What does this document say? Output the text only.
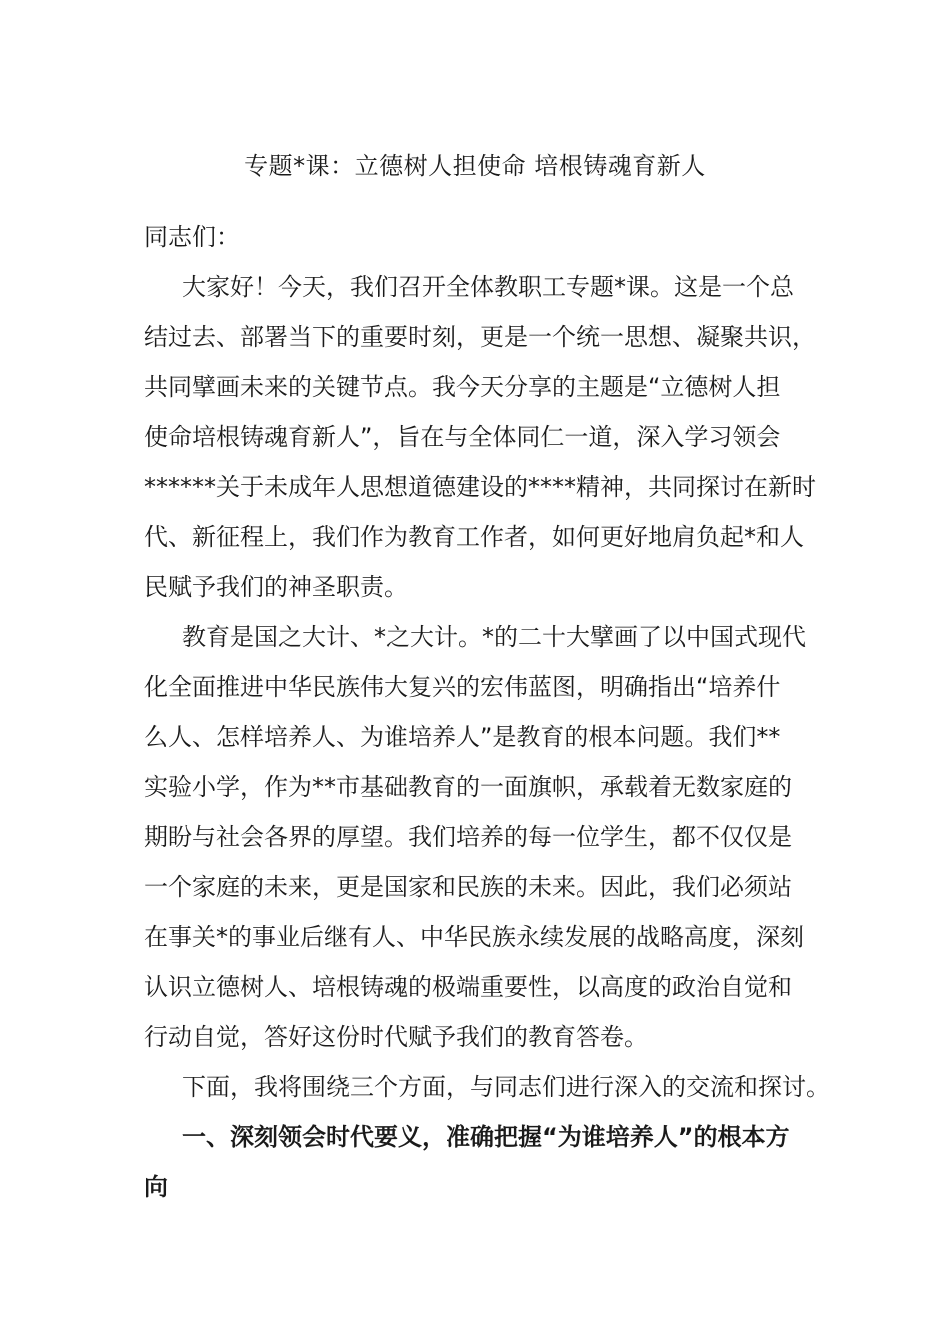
专题*课：立德树人担使命 培根铸魂育新人
同志们：
大家好！今天，我们召开全体教职工专题*课。这是一个总
结过去、部署当下的重要时刻，更是一个统一思想、凝聚共识，
共同擘画未来的关键节点。我今天分享的主题是“立德树人担
使命培根铸魂育新人”，旨在与全体同仁一道，深入学习领会
******关于未成年人思想道德建设的****精神，共同探讨在新时
代、新征程上，我们作为教育工作者，如何更好地肩负起*和人
民赋予我们的神圣职责。
教育是国之大计、*之大计。*的二十大擘画了以中国式现代
化全面推进中华民族伟大复兴的宏伟蓝图，明确指出“培养什
么人、怎样培养人、为谁培养人”是教育的根本问题。我们**
实验小学，作为**市基础教育的一面旗帜，承载着无数家庭的
期盼与社会各界的厚望。我们培养的每一位学生，都不仅仅是
一个家庭的未来，更是国家和民族的未来。因此，我们必须站
在事关*的事业后继有人、中华民族永续发展的战略高度，深刻
认识立德树人、培根铸魂的极端重要性，以高度的政治自觉和
行动自觉，答好这份时代赋予我们的教育答卷。
下面，我将围绕三个方面，与同志们进行深入的交流和探讨。
一、深刻领会时代要义，准确把握“为谁培养人”的根本方
向
